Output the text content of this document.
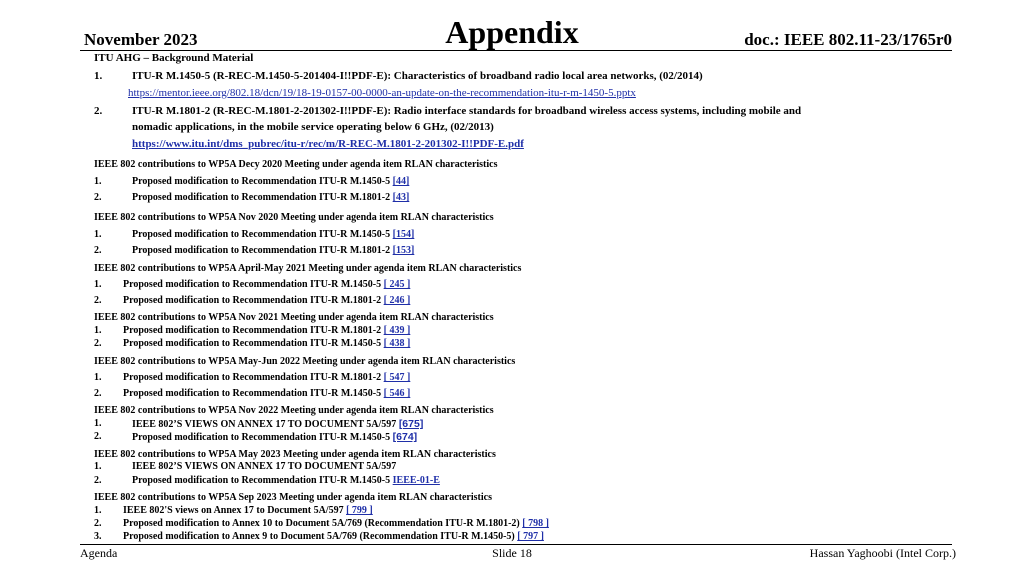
November 2023	Appendix	doc.: IEEE 802.11-23/1765r0
ITU AHG – Background Material
1.	ITU-R M.1450-5 (R-REC-M.1450-5-201404-I!!PDF-E): Characteristics of broadband radio local area networks, (02/2014)
https://mentor.ieee.org/802.18/dcn/19/18-19-0157-00-0000-an-update-on-the-recommendation-itu-r-m-1450-5.pptx
2.	ITU-R M.1801-2 (R-REC-M.1801-2-201302-I!!PDF-E): Radio interface standards for broadband wireless access systems, including mobile and
nomadic applications, in the mobile service operating below 6 GHz, (02/2013)
https://www.itu.int/dms_pubrec/itu-r/rec/m/R-REC-M.1801-2-201302-I!!PDF-E.pdf
IEEE 802 contributions to WP5A Decy 2020 Meeting under agenda item RLAN characteristics
1.	Proposed modification to Recommendation ITU-R M.1450-5 [44]
2.	Proposed modification to Recommendation ITU-R M.1801-2 [43]
IEEE 802 contributions to WP5A Nov 2020 Meeting under agenda item RLAN characteristics
1.	Proposed modification to Recommendation ITU-R M.1450-5 [154]
2.	Proposed modification to Recommendation ITU-R M.1801-2 [153]
IEEE 802 contributions to WP5A April-May 2021 Meeting under agenda item RLAN characteristics
1. Proposed modification to Recommendation ITU-R M.1450-5 [ 245 ]
2. Proposed modification to Recommendation ITU-R M.1801-2 [ 246 ]
IEEE 802 contributions to WP5A Nov 2021 Meeting under agenda item RLAN characteristics
1. Proposed modification to Recommendation ITU-R M.1801-2 [ 439 ]
2. Proposed modification to Recommendation ITU-R M.1450-5 [ 438 ]
IEEE 802 contributions to WP5A May-Jun 2022 Meeting under agenda item RLAN characteristics
1. Proposed modification to Recommendation ITU-R M.1801-2 [ 547 ]
2. Proposed modification to Recommendation ITU-R M.1450-5 [ 546 ]
IEEE 802 contributions to WP5A Nov 2022 Meeting under agenda item RLAN characteristics
1.	IEEE 802’S VIEWS ON ANNEX 17 TO DOCUMENT 5A/597 [675]
2.	Proposed modification to Recommendation ITU-R M.1450-5 [674]
IEEE 802 contributions to WP5A May 2023 Meeting under agenda item RLAN characteristics
1.	IEEE 802’S VIEWS ON ANNEX 17 TO DOCUMENT 5A/597
2.	Proposed modification to Recommendation ITU-R M.1450-5 IEEE-01-E
IEEE 802 contributions to WP5A Sep 2023 Meeting under agenda item RLAN characteristics
1. IEEE 802'S views on Annex 17 to Document 5A/597 [ 799 ]
2. Proposed modification to Annex 10 to Document 5A/769 (Recommendation ITU-R M.1801-2) [ 798 ]
3. Proposed modification to Annex 9 to Document 5A/769 (Recommendation ITU-R M.1450-5) [ 797 ]
Agenda	Slide 18	Hassan Yaghoobi (Intel Corp.)
